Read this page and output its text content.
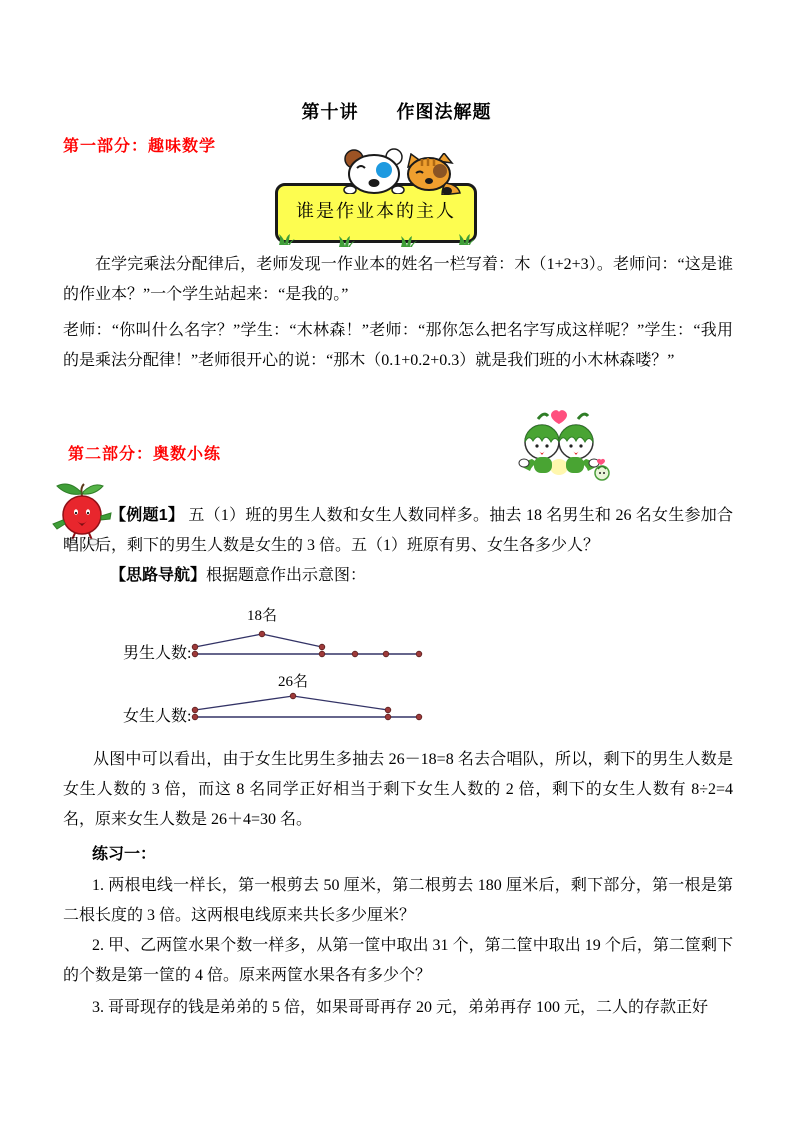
第十讲　　作图法解题
第一部分：趣味数学
谁是作业本的主人
在学完乘法分配律后，老师发现一作业本的姓名一栏写着：木（1+2+3）。老师问：“这是谁的作业本？”一个学生站起来：“是我的。”
老师：“你叫什么名字？”学生：“木林森！”老师：“那你怎么把名字写成这样呢？”学生：“我用的是乘法分配律！”老师很开心的说：“那木（0.1+0.2+0.3）就是我们班的小木林森喽？”
第二部分：奥数小练
【例题1】 五（1）班的男生人数和女生人数同样多。抽去 18 名男生和 26 名女生参加合唱队后，剩下的男生人数是女生的 3 倍。五（1）班原有男、女生各多少人？
【思路导航】根据题意作出示意图：
18名
男生人数:
26名
女生人数:
从图中可以看出，由于女生比男生多抽去 26－18=8 名去合唱队，所以，剩下的男生人数是女生人数的 3 倍，而这 8 名同学正好相当于剩下女生人数的 2 倍，剩下的女生人数有 8÷2=4 名，原来女生人数是 26＋4=30 名。
练习一：
1. 两根电线一样长，第一根剪去 50 厘米，第二根剪去 180 厘米后，剩下部分，第一根是第二根长度的 3 倍。这两根电线原来共长多少厘米？
2. 甲、乙两筐水果个数一样多，从第一筐中取出 31 个，第二筐中取出 19 个后，第二筐剩下的个数是第一筐的 4 倍。原来两筐水果各有多少个？
3. 哥哥现存的钱是弟弟的 5 倍，如果哥哥再存 20 元，弟弟再存 100 元，二人的存款正好
